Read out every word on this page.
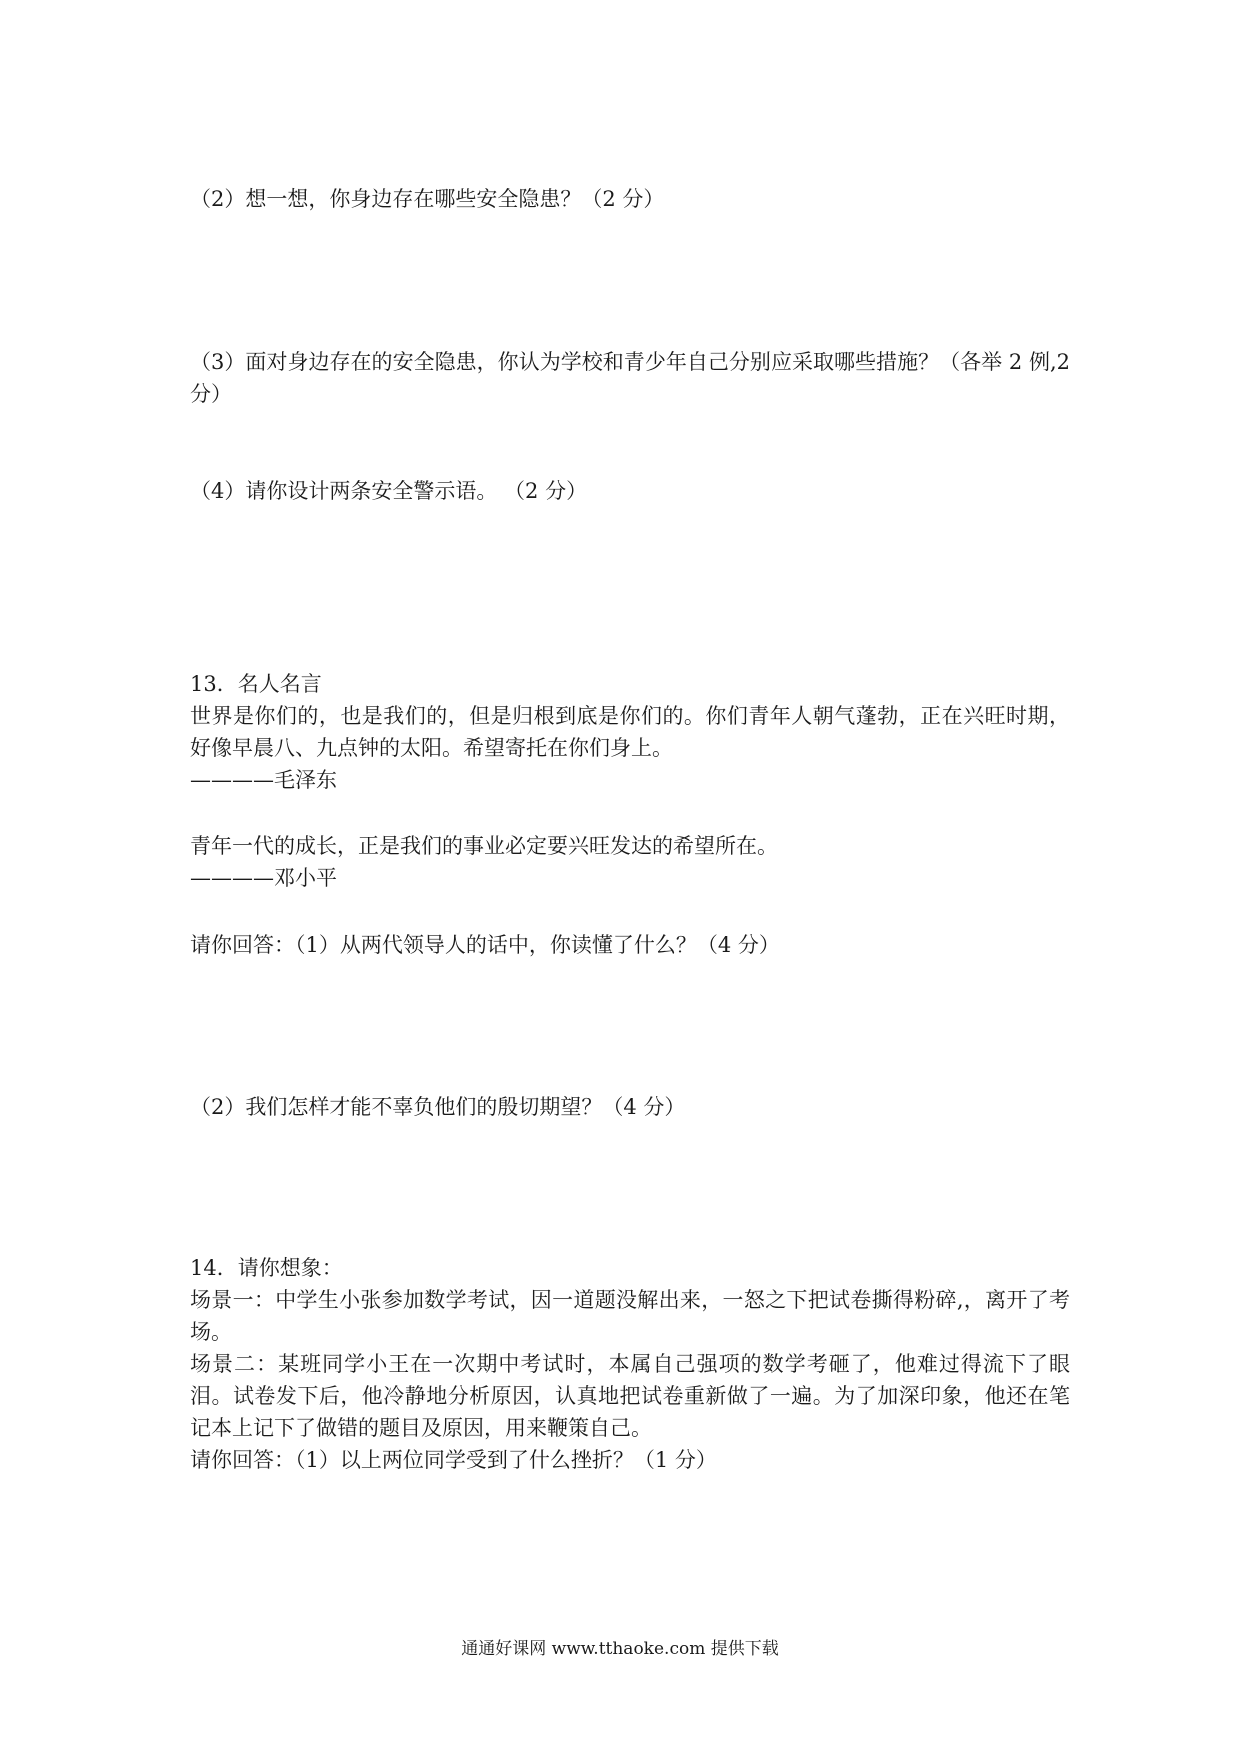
（2）想一想，你身边存在哪些安全隐患？（2 分）

（3）面对身边存在的安全隐患，你认为学校和青少年自己分别应采取哪些措施？（各举 2 例,2 分）

（4）请你设计两条安全警示语。 （2 分）
13．名人名言

世界是你们的，也是我们的，但是归根到底是你们的。你们青年人朝气蓬勃，正在兴旺时期，好像早晨八、九点钟的太阳。希望寄托在你们身上。

————毛泽东
青年一代的成长，正是我们的事业必定要兴旺发达的希望所在。
————邓小平
请你回答：（1）从两代领导人的话中，你读懂了什么？（4 分）
（2）我们怎样才能不辜负他们的殷切期望？（4 分）
14．请你想象：

场景一：中学生小张参加数学考试，因一道题没解出来，一怒之下把试卷撕得粉碎,，离开了考场。

场景二：某班同学小王在一次期中考试时，本属自己强项的数学考砸了，他难过得流下了眼泪。试卷发下后，他冷静地分析原因，认真地把试卷重新做了一遍。为了加深印象，他还在笔记本上记下了做错的题目及原因，用来鞭策自己。

请你回答：（1）以上两位同学受到了什么挫折？（1 分）

通通好课网 www.tthaoke.com 提供下载
